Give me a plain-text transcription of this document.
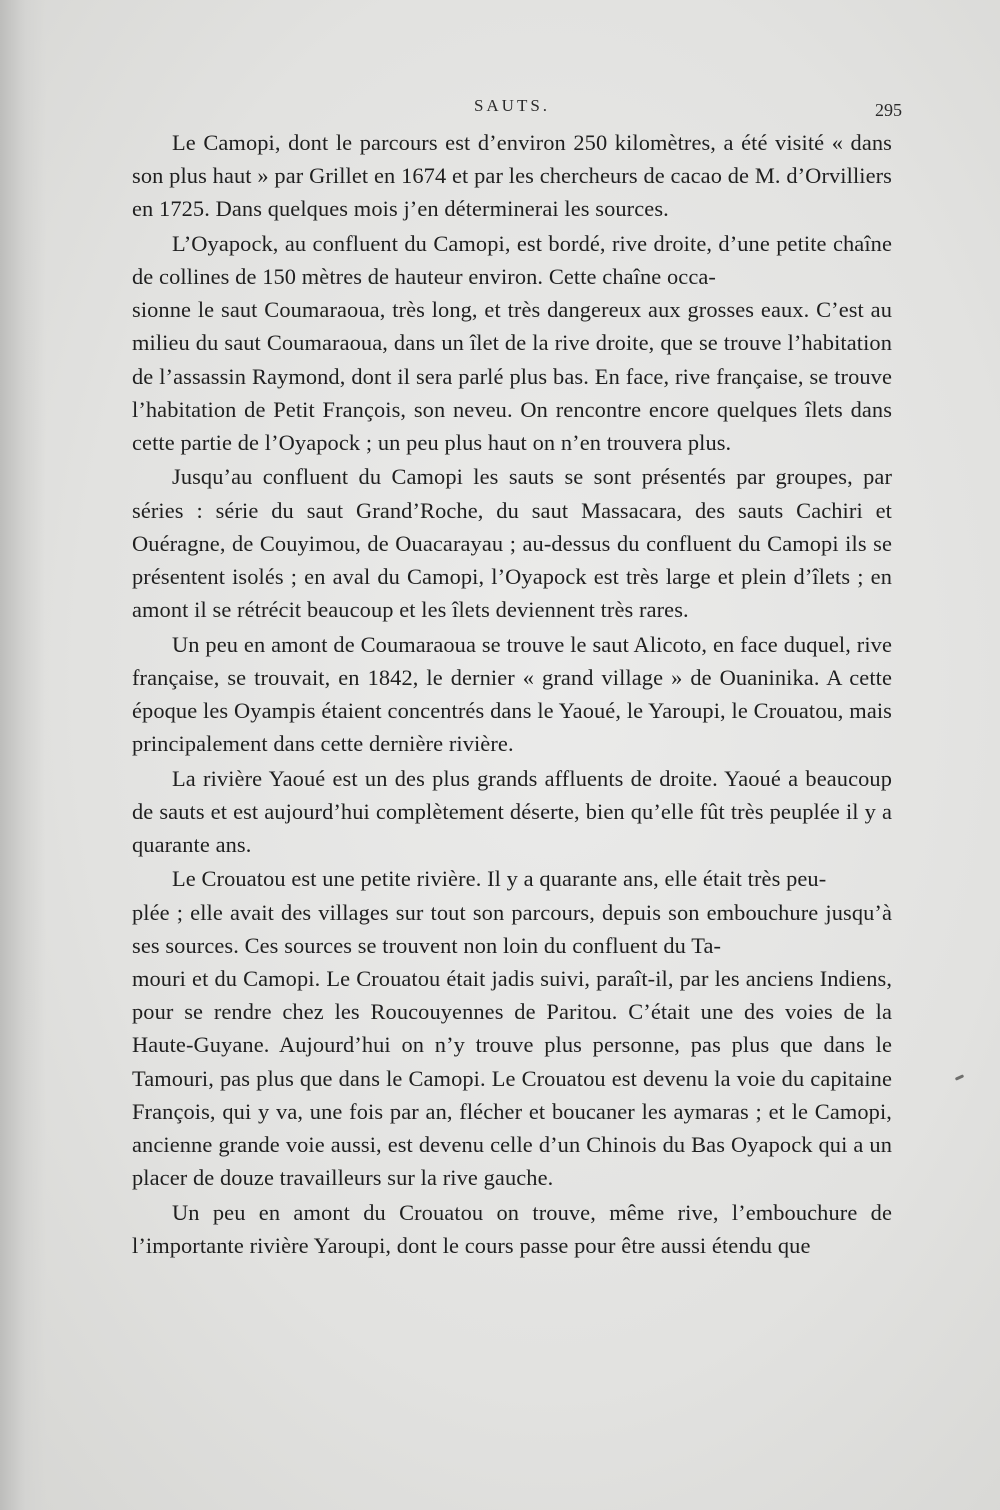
SAUTS.	295

Le Camopi, dont le parcours est d’environ 250 kilomètres, a été visité « dans son plus haut » par Grillet en 1674 et par les chercheurs de cacao de M. d’Orvilliers en 1725. Dans quelques mois j’en déterminerai les sources.

L’Oyapock, au confluent du Camopi, est bordé, rive droite, d’une petite chaîne de collines de 150 mètres de hauteur environ. Cette chaîne occa-
sionne le saut Coumaraoua, très long, et très dangereux aux grosses eaux. C’est au milieu du saut Coumaraoua, dans un îlet de la rive droite, que se trouve l’habitation de l’assassin Raymond, dont il sera parlé plus bas. En face, rive française, se trouve l’habitation de Petit François, son neveu. On rencontre encore quelques îlets dans cette partie de l’Oyapock ; un peu plus haut on n’en trouvera plus.

Jusqu’au confluent du Camopi les sauts se sont présentés par groupes, par séries : série du saut Grand’Roche, du saut Massacara, des sauts Cachiri et Ouéragne, de Couyimou, de Ouacarayau ; au-dessus du confluent du Camopi ils se présentent isolés ; en aval du Camopi, l’Oyapock est très large et plein d’îlets ; en amont il se rétrécit beaucoup et les îlets deviennent très rares.

Un peu en amont de Coumaraoua se trouve le saut Alicoto, en face duquel, rive française, se trouvait, en 1842, le dernier « grand village » de Ouaninika. A cette époque les Oyampis étaient concentrés dans le Yaoué, le Yaroupi, le Crouatou, mais principalement dans cette dernière rivière.

La rivière Yaoué est un des plus grands affluents de droite. Yaoué a beaucoup de sauts et est aujourd’hui complètement déserte, bien qu’elle fût très peuplée il y a quarante ans.

Le Crouatou est une petite rivière. Il y a quarante ans, elle était très peu-
plée ; elle avait des villages sur tout son parcours, depuis son embouchure jusqu’à ses sources. Ces sources se trouvent non loin du confluent du Ta-
mouri et du Camopi. Le Crouatou était jadis suivi, paraît-il, par les anciens Indiens, pour se rendre chez les Roucouyennes de Paritou. C’était une des voies de la Haute-Guyane. Aujourd’hui on n’y trouve plus personne, pas plus que dans le Tamouri, pas plus que dans le Camopi. Le Crouatou est devenu la voie du capitaine François, qui y va, une fois par an, flécher et boucaner les aymaras ; et le Camopi, ancienne grande voie aussi, est devenu celle d’un Chinois du Bas Oyapock qui a un placer de douze travailleurs sur la rive gauche.

Un peu en amont du Crouatou on trouve, même rive, l’embouchure de l’importante rivière Yaroupi, dont le cours passe pour être aussi étendu que
